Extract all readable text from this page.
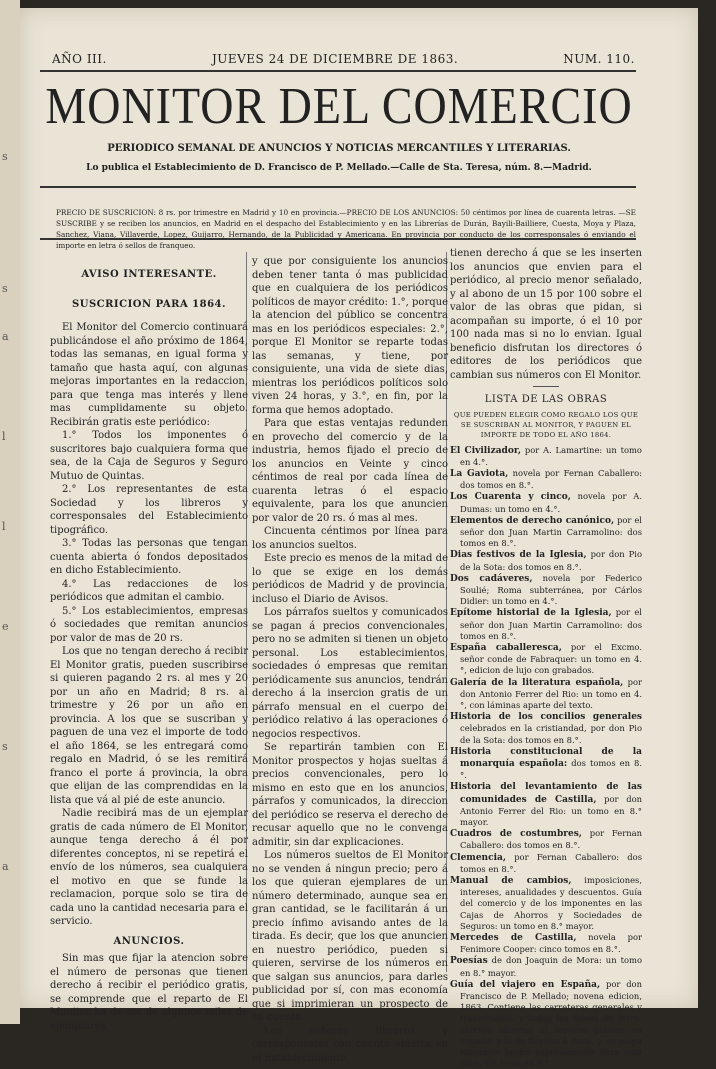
s
s
a
l
l
e
s
a
AÑO III.	JUEVES 24 DE DICIEMBRE DE 1863.	NUM. 110.
MONITOR DEL COMERCIO
PERIODICO SEMANAL DE ANUNCIOS Y NOTICIAS MERCANTILES Y LITERARIAS.
Lo publica el Establecimiento de D. Francisco de P. Mellado.—Calle de Sta. Teresa, núm. 8.—Madrid.
PRECIO DE SUSCRICION: 8 rs. por trimestre en Madrid y 10 en provincia.—PRECIO DE LOS ANUNCIOS: 50 céntimos por línea de cuarenta letras. —SE SUSCRIBE y se reciben los anuncios, en Madrid en el despacho del Establecimiento y en las Librerías de Durán, Bayili-Bailliere, Cuesta, Moya y Plaza, Sanchez, Viana, Villaverde, Lopez, Guijarro, Hernando, de la Publicidad y Americana. En provincia por conducto de los corresponsales ó enviando el importe en letra ó sellos de franqueo.
AVISO INTERESANTE.
SUSCRICION PARA 1864.

El Monitor del Comercio continuará publicándose el año próximo de 1864, todas las semanas, en igual forma y tamaño que hasta aquí, con algunas mejoras importantes en la redaccion, para que tenga mas interés y llene mas cumplidamente su objeto. Recibirán gratis este periódico:

1.° Todos los imponentes ó suscritores bajo cualquiera forma que sea, de la Caja de Seguros y Seguro Mutuo de Quintas.

2.° Los representantes de esta Sociedad y los libreros y corresponsales del Establecimiento tipográfico.

3.° Todas las personas que tengan cuenta abierta ó fondos depositados en dicho Establecimiento.

4.° Las redacciones de los periódicos que admitan el cambio.

5.° Los establecimientos, empresas ó sociedades que remitan anuncios por valor de mas de 20 rs.

Los que no tengan derecho á recibir El Monitor gratis, pueden suscribirse si quieren pagando 2 rs. al mes y 20 por un año en Madrid; 8 rs. al trimestre y 26 por un año en provincia. A los que se suscriban y paguen de una vez el importe de todo el año 1864, se les entregará como regalo en Madrid, ó se les remitirá franco el porte á provincia, la obra que elijan de las comprendidas en la lista que vá al pié de este anuncio.

Nadie recibirá mas de un ejemplar gratis de cada número de El Monitor, aunque tenga derecho á él por diferentes conceptos, ni se repetirá el envío de los números, sea cualquiera el motivo en que se funde la reclamacion, porque solo se tira de cada uno la cantidad necesaria para el servicio.

ANUNCIOS.

Sin mas que fijar la atencion sobre el número de personas que tienen derecho á recibir el periódico gratis, se comprende que el reparto de El Monitor ha de ser de algunos miles de ejemplares,

y que por consiguiente los anuncios deben tener tanta ó mas publicidad que en cualquiera de los periódicos políticos de mayor crédito: 1.°, porque la atencion del público se concentra mas en los periódicos especiales: 2.°, porque El Monitor se reparte todas las semanas, y tiene, por consiguiente, una vida de siete dias, mientras los periódicos políticos solo viven 24 horas, y 3.°, en fin, por la forma que hemos adoptado.

Para que estas ventajas redunden en provecho del comercio y de la industria, hemos fijado el precio de los anuncios en Veinte y cinco céntimos de real por cada línea de cuarenta letras ó el espacio equivalente, para los que anuncien por valor de 20 rs. ó mas al mes.

Cincuenta céntimos por línea para los anuncios sueltos.

Este precio es menos de la mitad de lo que se exige en los demás periódicos de Madrid y de provincia, incluso el Diario de Avisos.

Los párrafos sueltos y comunicados se pagan á precios convencionales, pero no se admiten si tienen un objeto personal. Los establecimientos, sociedades ó empresas que remitan periódicamente sus anuncios, tendrán derecho á la insercion gratis de un párrafo mensual en el cuerpo del periódico relativo á las operaciones ó negocios respectivos.

Se repartirán tambien con El Monitor prospectos y hojas sueltas á precios convencionales, pero lo mismo en esto que en los anuncios, párrafos y comunicados, la direccion del periódico se reserva el derecho de recusar aquello que no le convenga admitir, sin dar explicaciones.

Los números sueltos de El Monitor no se venden á ningun precio; pero á los que quieran ejemplares de un número determinado, aunque sea en gran cantidad, se le facilitarán á un precio ínfimo avisando antes de la tirada. Es decir, que los que anuncien en nuestro periódico, pueden si quieren, servirse de los números en que salgan sus anuncios, para darles publicidad por sí, con mas economía que si imprimieran un prospecto de su cuenta.

Los señores libreros y corresponsales con cuenta abierta en el Establecimiento,

tienen derecho á que se les inserten los anuncios que envien para el periódico, al precio menor señalado, y al abono de un 15 por 100 sobre el valor de las obras que pidan, si acompañan su importe, ó el 10 por 100 nada mas si no lo envian. Igual beneficio disfrutan los directores ó editores de los periódicos que cambian sus números con El Monitor.

LISTA DE LAS OBRAS
QUE PUEDEN ELEGIR COMO REGALO LOS QUE SE SUSCRIBAN AL MONITOR, Y PAGUEN EL IMPORTE DE TODO EL AÑO 1864.

El Civilizador, por A. Lamartine: un tomo en 4.°.

La Gaviota, novela por Fernan Caballero: dos tomos en 8.°.

Los Cuarenta y cinco, novela por A. Dumas: un tomo en 4.°.

Elementos de derecho canónico, por el señor don Juan Martin Carramolino: dos tomos en 8.°.

Dias festivos de la Iglesia, por don Pio de la Sota: dos tomos en 8.°.

Dos cadáveres, novela por Federico Soulié; Roma subterránea, por Cárlos Didier: un tomo en 4.°.

Epítome historial de la Iglesia, por el señor don Juan Martin Carramolino: dos tomos en 8.°.

España caballeresca, por el Excmo. señor conde de Fabraquer: un tomo en 4.°, edicion de lujo con grabados.

Galería de la literatura española, por don Antonio Ferrer del Rio: un tomo en 4.°, con láminas aparte del texto.

Historia de los concilios generales celebrados en la cristiandad, por don Pio de la Sota: dos tomos en 8.°.

Historia constitucional de la monarquía española: dos tomos en 8.°.

Historia del levantamiento de las comunidades de Castilla, por don Antonio Ferrer del Rio: un tomo en 8.° mayor.

Cuadros de costumbres, por Fernan Caballero: dos tomos en 8.°.

Clemencia, por Fernan Caballero: dos tomos en 8.°.

Manual de cambios, imposiciones, intereses, anualidades y descuentos. Guía del comercio y de los imponentes en las Cajas de Ahorros y Sociedades de Seguros: un tomo en 8.° mayor.

Mercedes de Castilla, novela por Fenimore Cooper: cinco tomos en 8.°.

Poesías de don Joaquin de Mora: un tomo en 8.° mayor.

Guía del viajero en España, por don Francisco de P. Mellado; novena edicion, 1863. Contiene las carreteras generales y trasversales, y todas las líneas de ferro-carriles abiertas al servicio público en España, y la de Bayona á Paris, y un mapa itinerario hecho expresamente para esta obra. Un tomo en 8.°.
